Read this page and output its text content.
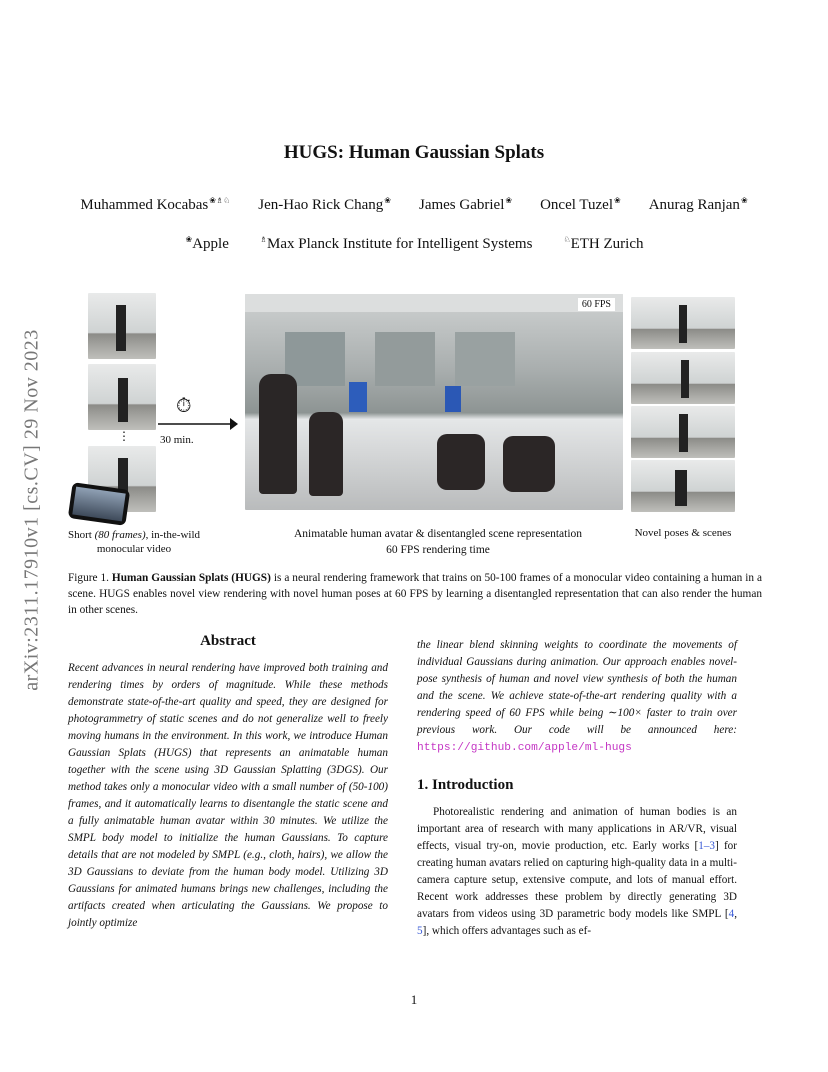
HUGS: Human Gaussian Splats
Muhammed Kocabas❀♗♘ Jen-Hao Rick Chang❀ James Gabriel❀ Oncel Tuzel❀ Anurag Ranjan❀
❀Apple	♗Max Planck Institute for Intelligent Systems	♘ETH Zurich
arXiv:2311.17910v1 [cs.CV] 29 Nov 2023	⋮
⏱
30 min.
60 FPS
Short (80 frames), in-the-wild
monocular video
Animatable human avatar & disentangled scene representation
60 FPS rendering time
Novel poses & scenes
Figure 1. Human Gaussian Splats (HUGS) is a neural rendering framework that trains on 50-100 frames of a monocular video containing a human in a scene. HUGS enables novel view rendering with novel human poses at 60 FPS by learning a disentangled representation that can also render the human in other scenes.
Abstract
Recent advances in neural rendering have improved both training and rendering times by orders of magnitude. While these methods demonstrate state-of-the-art quality and speed, they are designed for photogrammetry of static scenes and do not generalize well to freely moving humans in the environment. In this work, we introduce Human Gaussian Splats (HUGS) that represents an animatable human together with the scene using 3D Gaussian Splatting (3DGS). Our method takes only a monocular video with a small number of (50-100) frames, and it automatically learns to disentangle the static scene and a fully animatable human avatar within 30 minutes. We utilize the SMPL body model to initialize the human Gaussians. To capture details that are not modeled by SMPL (e.g., cloth, hairs), we allow the 3D Gaussians to deviate from the human body model. Utilizing 3D Gaussians for animated humans brings new challenges, including the artifacts created when articulating the Gaussians. We propose to jointly optimize
the linear blend skinning weights to coordinate the movements of individual Gaussians during animation. Our approach enables novel-pose synthesis of human and novel view synthesis of both the human and the scene. We achieve state-of-the-art rendering quality with a rendering speed of 60 FPS while being ∼100× faster to train over previous work. Our code will be announced here: https://github.com/apple/ml-hugs
1. Introduction
Photorealistic rendering and animation of human bodies is an important area of research with many applications in AR/VR, visual effects, visual try-on, movie production, etc. Early works [1–3] for creating human avatars relied on capturing high-quality data in a multi-camera capture setup, extensive compute, and lots of manual effort. Recent work addresses these problem by directly generating 3D avatars from videos using 3D parametric body models like SMPL [4, 5], which offers advantages such as ef-
1
